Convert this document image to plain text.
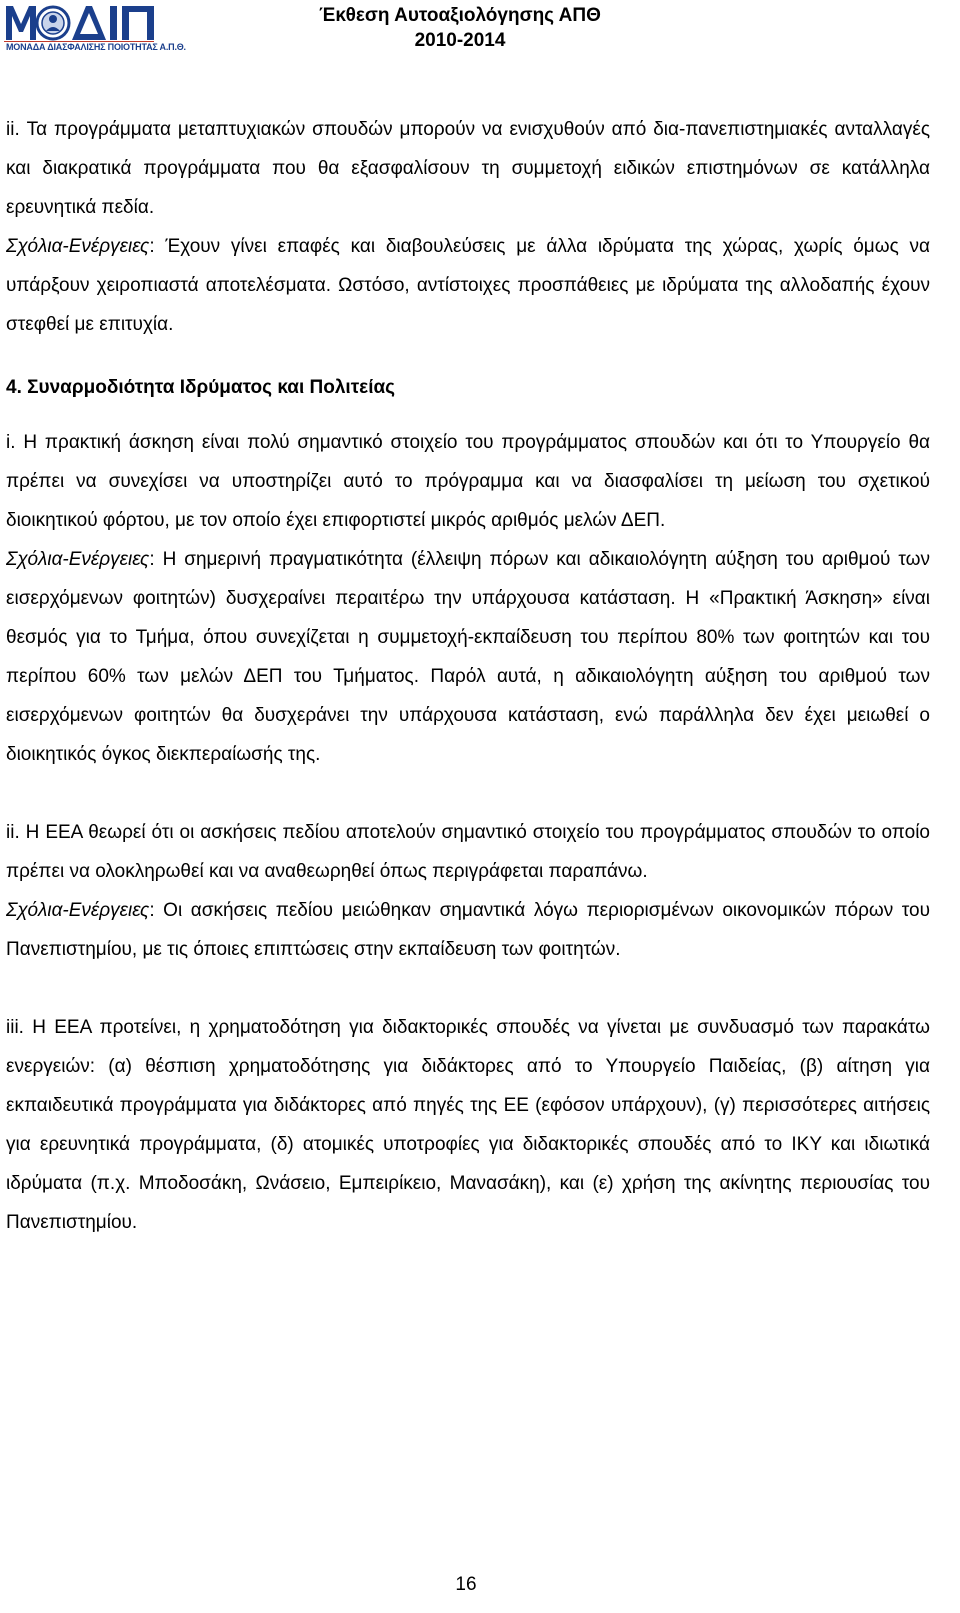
ΜΟΝΑΔΑ ΔΙΑΣΦΑΛΙΣΗΣ ΠΟΙΟΤΗΤΑΣ Α.Π.Θ.
Έκθεση Αυτοαξιολόγησης ΑΠΘ
2010-2014

ii. Τα προγράμματα μεταπτυχιακών σπουδών μπορούν να ενισχυθούν από δια-πανεπιστημιακές ανταλλαγές και διακρατικά προγράμματα που θα εξασφαλίσουν τη συμμετοχή ειδικών επιστημόνων σε κατάλληλα ερευνητικά πεδία.
Σχόλια-Ενέργειες: Έχουν γίνει επαφές και διαβουλεύσεις με άλλα ιδρύματα της χώρας, χωρίς όμως να υπάρξουν χειροπιαστά αποτελέσματα. Ωστόσο, αντίστοιχες προσπάθειες με ιδρύματα της αλλοδαπής έχουν στεφθεί με επιτυχία.

4. Συναρμοδιότητα Ιδρύματος και Πολιτείας

i. Η πρακτική άσκηση είναι πολύ σημαντικό στοιχείο του προγράμματος σπουδών και ότι το Υπουργείο θα πρέπει να συνεχίσει να υποστηρίζει αυτό το πρόγραμμα και να διασφαλίσει τη μείωση του σχετικού διοικητικού φόρτου, με τον οποίο έχει επιφορτιστεί μικρός αριθμός μελών ΔΕΠ.
Σχόλια-Ενέργειες: Η σημερινή πραγματικότητα (έλλειψη πόρων και αδικαιολόγητη αύξηση του αριθμού των εισερχόμενων φοιτητών) δυσχεραίνει περαιτέρω την υπάρχουσα κατάσταση. Η «Πρακτική Άσκηση» είναι θεσμός για το Τμήμα, όπου συνεχίζεται η συμμετοχή-εκπαίδευση του περίπου 80% των φοιτητών και του περίπου 60% των μελών ΔΕΠ του Τμήματος. Παρόλ αυτά, η αδικαιολόγητη αύξηση του αριθμού των εισερχόμενων φοιτητών θα δυσχεράνει την υπάρχουσα κατάσταση, ενώ παράλληλα δεν έχει μειωθεί ο διοικητικός όγκος διεκπεραίωσής της.

ii. Η ΕΕΑ θεωρεί ότι οι ασκήσεις πεδίου αποτελούν σημαντικό στοιχείο του προγράμματος σπουδών το οποίο πρέπει να ολοκληρωθεί και να αναθεωρηθεί όπως περιγράφεται παραπάνω.
Σχόλια-Ενέργειες: Οι ασκήσεις πεδίου μειώθηκαν σημαντικά λόγω περιορισμένων οικονομικών πόρων του Πανεπιστημίου, με τις όποιες επιπτώσεις στην εκπαίδευση των φοιτητών.

iii. Η ΕΕΑ προτείνει, η χρηματοδότηση για διδακτορικές σπουδές να γίνεται με συνδυασμό των παρακάτω ενεργειών: (α) θέσπιση χρηματοδότησης για διδάκτορες από το Υπουργείο Παιδείας, (β) αίτηση για εκπαιδευτικά προγράμματα για διδάκτορες από πηγές της ΕΕ (εφόσον υπάρχουν), (γ) περισσότερες αιτήσεις για ερευνητικά προγράμματα, (δ) ατομικές υποτροφίες για διδακτορικές σπουδές από το ΙΚΥ και ιδιωτικά ιδρύματα (π.χ. Μποδοσάκη, Ωνάσειο, Εμπειρίκειο, Μανασάκη), και (ε) χρήση της ακίνητης περιουσίας του Πανεπιστημίου.

16
